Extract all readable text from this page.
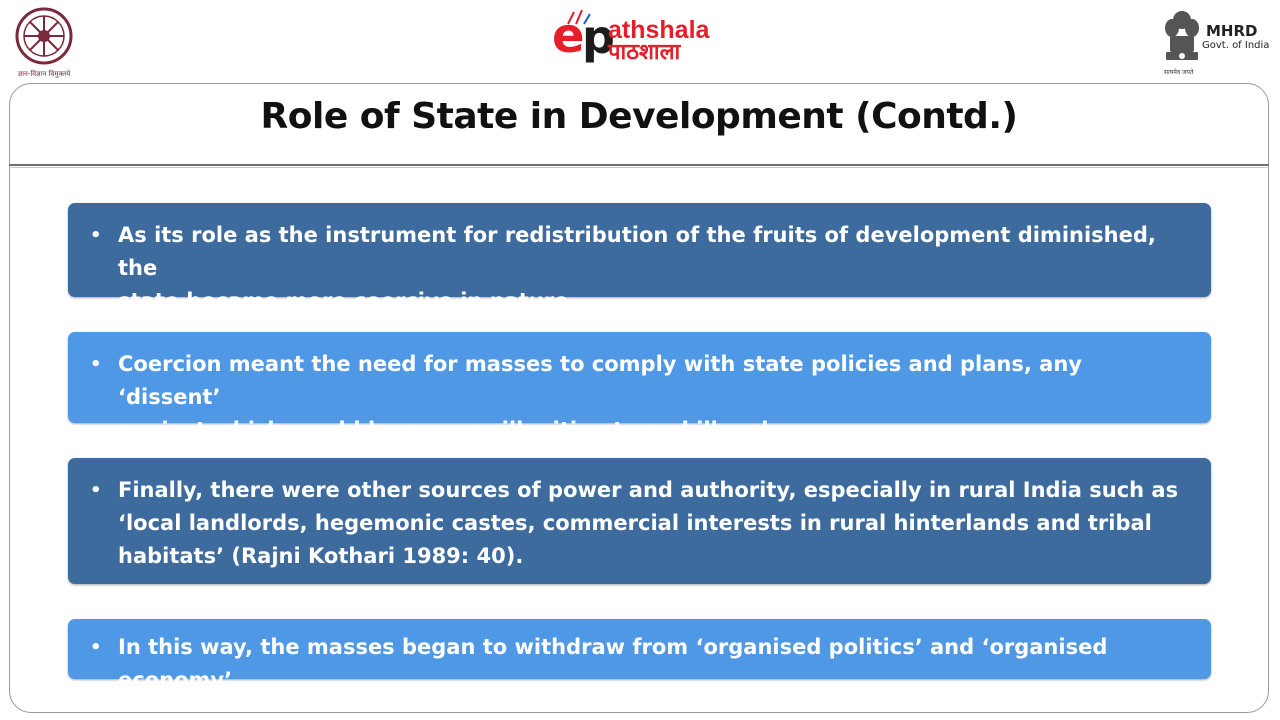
ज्ञान-विज्ञान विमुक्तये
e
p
athshala
पाठशाला
MHRD
Govt. of India
सत्यमेव जयते
Role of State in Development (Contd.)
• As its role as the instrument for redistribution of the fruits of development diminished, the
state became more coercive in nature.
• Coercion meant the need for masses to comply with state policies and plans, any ‘dissent’
against which would be seen as illegitimate and illegal.
• Finally, there were other sources of power and authority, especially in rural India such as
‘local landlords, hegemonic castes, commercial interests in rural hinterlands and tribal
habitats’ (Rajni Kothari 1989: 40).
• In this way, the masses began to withdraw from ‘organised politics’ and ‘organised economy’.
